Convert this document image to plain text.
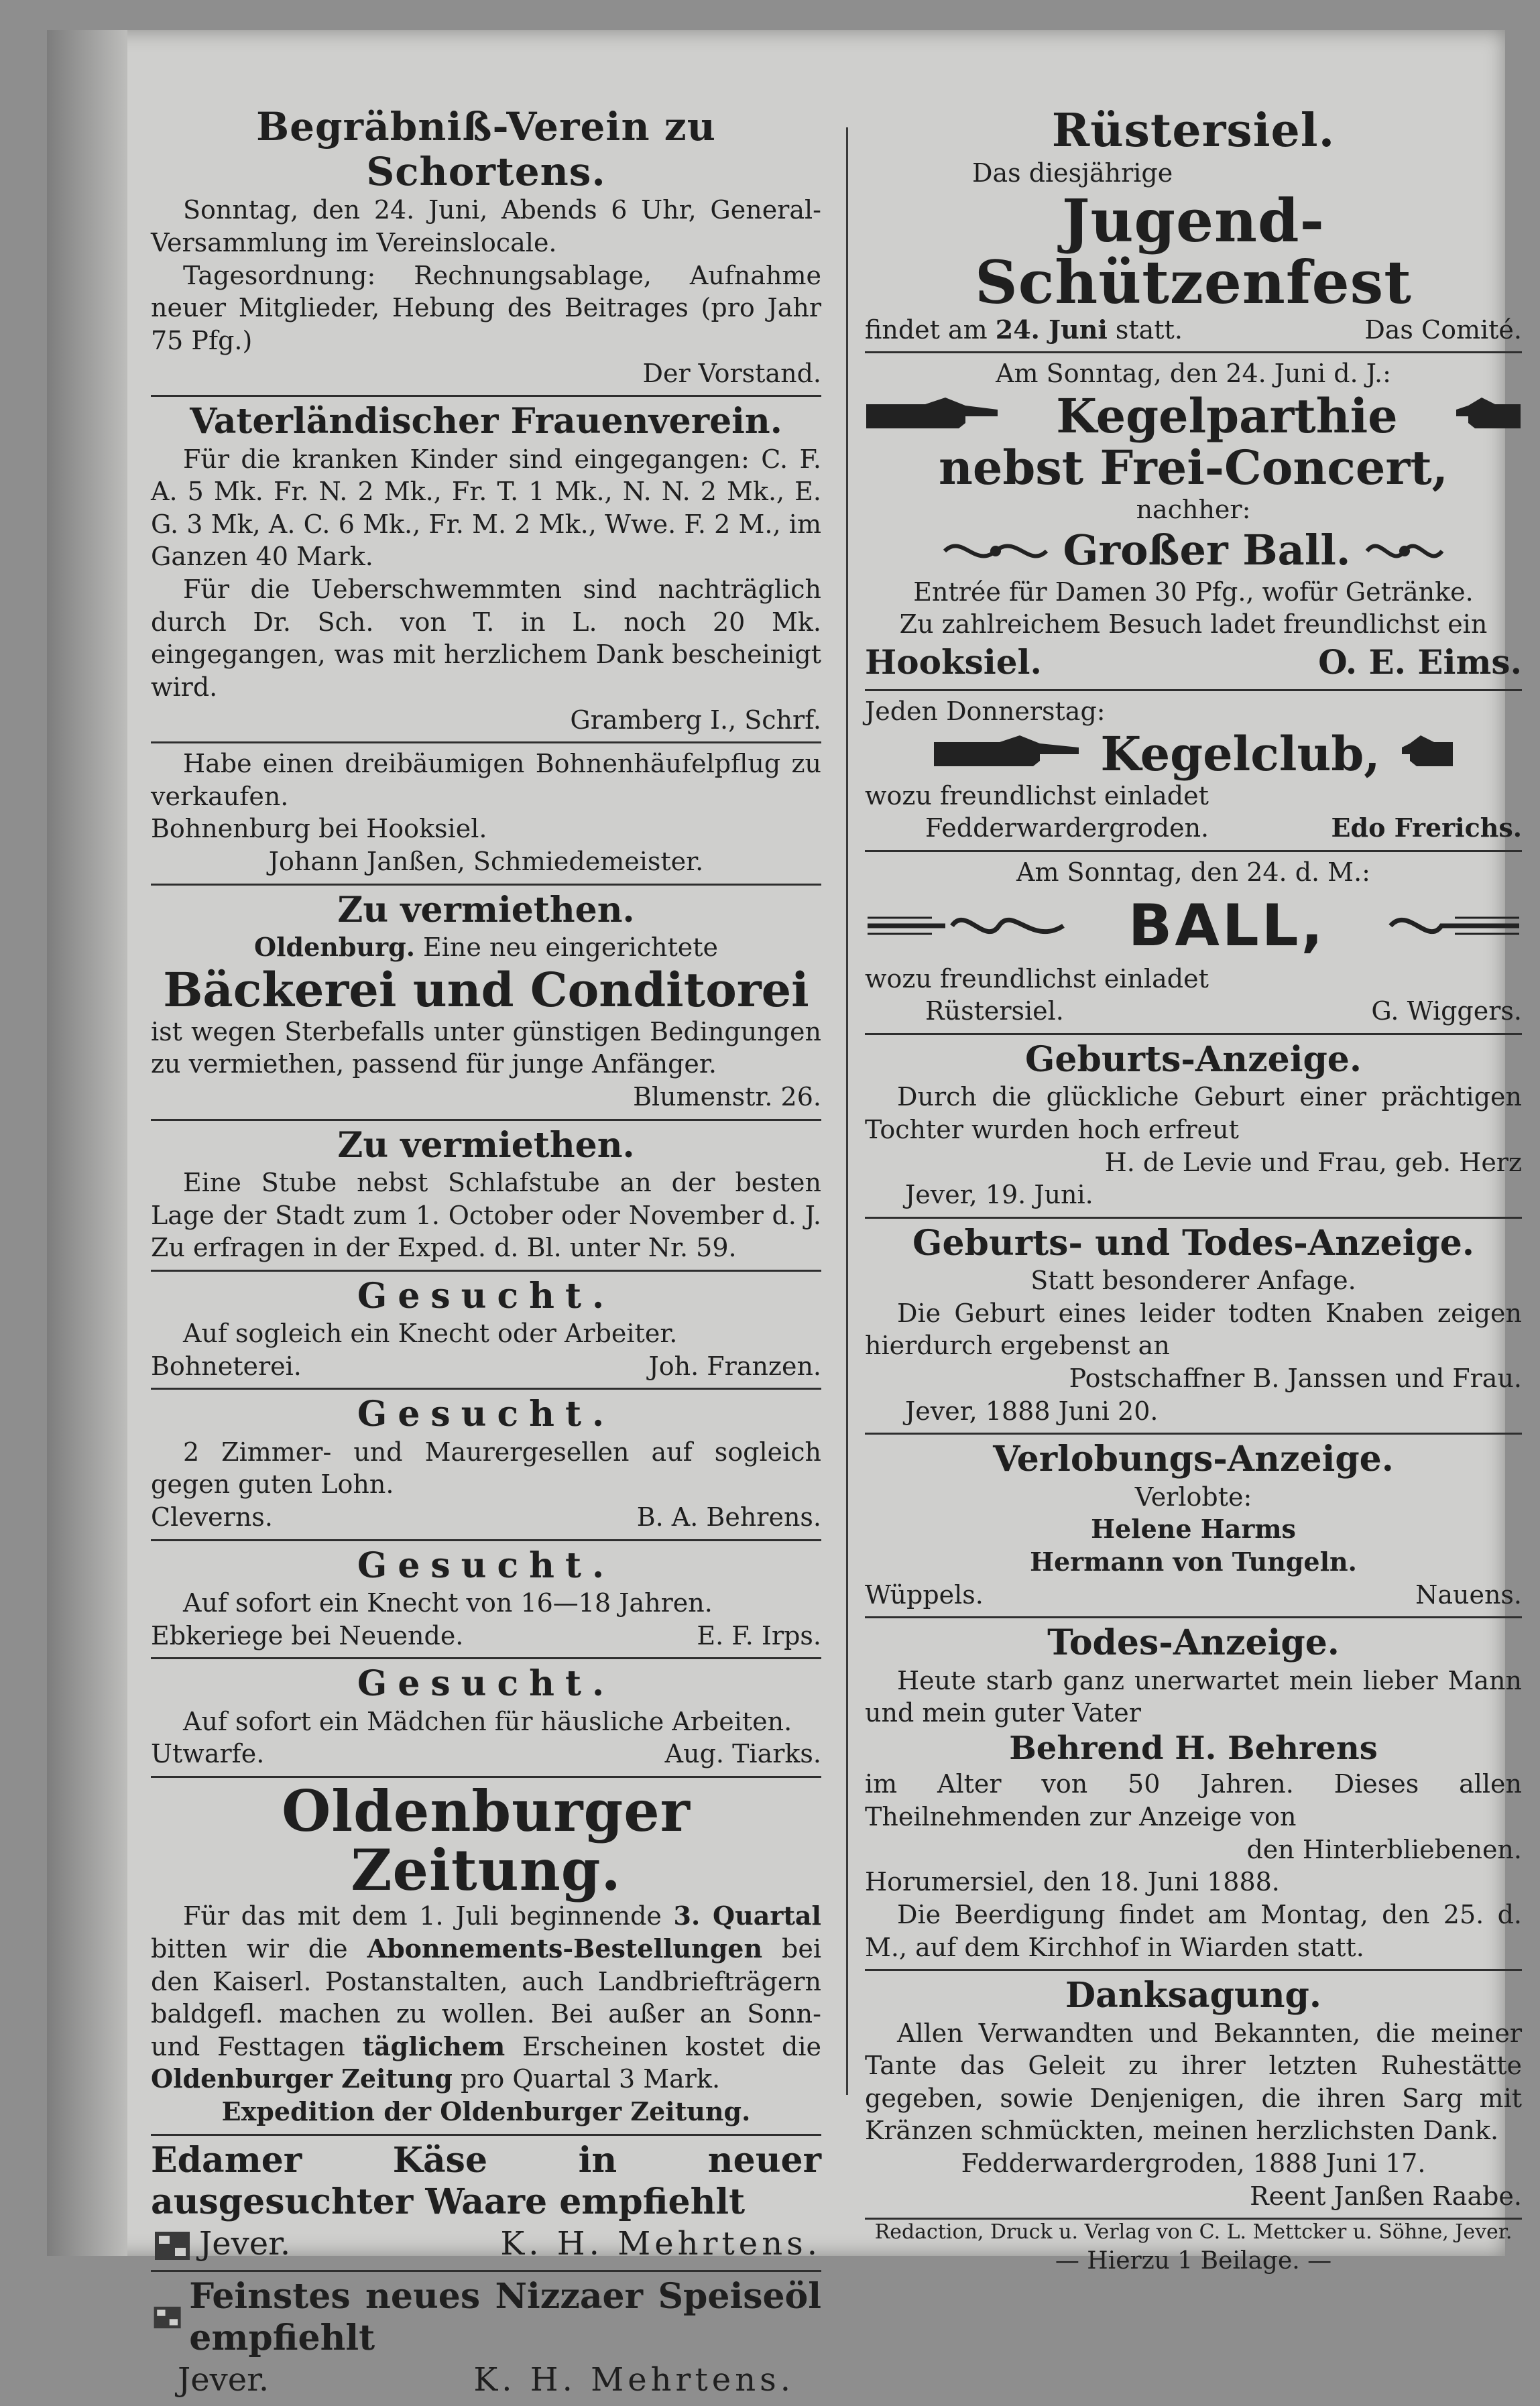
Begräbniß-Verein zu Schortens.

Sonntag, den 24. Juni, Abends 6 Uhr, General-Versammlung im Vereinslocale.

Tagesordnung: Rechnungsablage, Aufnahme neuer Mitglieder, Hebung des Beitrages (pro Jahr 75 Pfg.)

Der Vorstand.
Vaterländischer Frauenverein.

Für die kranken Kinder sind eingegangen: C. F. A. 5 Mk. Fr. N. 2 Mk., Fr. T. 1 Mk., N. N. 2 Mk., E. G. 3 Mk, A. C. 6 Mk., Fr. M. 2 Mk., Wwe. F. 2 M., im Ganzen 40 Mark.

Für die Ueberschwemmten sind nachträglich durch Dr. Sch. von T. in L. noch 20 Mk. eingegangen, was mit herzlichem Dank bescheinigt wird.

Gramberg I., Schrf.

Habe einen dreibäumigen Bohnenhäufelpflug zu verkaufen.

Bohnenburg bei Hooksiel.
Johann Janßen, Schmiedemeister.
Zu vermiethen.
Oldenburg. Eine neu eingerichtete
Bäckerei und Conditorei

ist wegen Sterbefalls unter günstigen Bedingungen zu vermiethen, passend für junge Anfänger.

Blumenstr. 26.
Zu vermiethen.

Eine Stube nebst Schlafstube an der besten Lage der Stadt zum 1. October oder November d. J. Zu erfragen in der Exped. d. Bl. unter Nr. 59.

Gesucht.

Auf sogleich ein Knecht oder Arbeiter.

Bohneterei.	Joh. Franzen.
Gesucht.

2 Zimmer- und Maurergesellen auf sogleich gegen guten Lohn.

Cleverns.	B. A. Behrens.
Gesucht.

Auf sofort ein Knecht von 16—18 Jahren.

Ebkeriege bei Neuende.	E. F. Irps.
Gesucht.

Auf sofort ein Mädchen für häusliche Arbeiten.

Utwarfe.	Aug. Tiarks.
Oldenburger Zeitung.

Für das mit dem 1. Juli beginnende 3. Quartal bitten wir die Abonnements-Bestellungen bei den Kaiserl. Postanstalten, auch Landbriefträgern baldgefl. machen zu wollen. Bei außer an Sonn- und Festtagen täglichem Erscheinen kostet die Oldenburger Zeitung pro Quartal 3 Mark.

Expedition der Oldenburger Zeitung.
Edamer Käse in neuer ausgesuchter Waare empfiehlt
Jever.	K. H. Mehrtens.
Feinstes neues Nizzaer Speiseöl empfiehlt
Jever.	K. H. Mehrtens.
Rüstersiel.
Das diesjährige
Jugend-Schützenfest
findet am 24. Juni statt.	Das Comité.
Am Sonntag, den 24. Juni d. J.:
Kegelparthie
nebst Frei-Concert,
nachher:
Großer Ball.
Entrée für Damen 30 Pfg., wofür Getränke.
Zu zahlreichem Besuch ladet freundlichst ein
Hooksiel.	O. E. Eims.
Jeden Donnerstag:
Kegelclub,
wozu freundlichst einladet
Fedderwardergroden.	Edo Frerichs.
Am Sonntag, den 24. d. M.:
BALL,
wozu freundlichst einladet
Rüstersiel.	G. Wiggers.
Geburts-Anzeige.

Durch die glückliche Geburt einer prächtigen Tochter wurden hoch erfreut

H. de Levie und Frau, geb. Herz
Jever, 19. Juni.
Geburts- und Todes-Anzeige.
Statt besonderer Anfage.

Die Geburt eines leider todten Knaben zeigen hierdurch ergebenst an

Postschaffner B. Janssen und Frau.
Jever, 1888 Juni 20.
Verlobungs-Anzeige.
Verlobte:
Helene Harms
Hermann von Tungeln.
Wüppels.	Nauens.
Todes-Anzeige.

Heute starb ganz unerwartet mein lieber Mann und mein guter Vater

Behrend H. Behrens

im Alter von 50 Jahren. Dieses allen Theilnehmenden zur Anzeige von

den Hinterbliebenen.
Horumersiel, den 18. Juni 1888.

Die Beerdigung findet am Montag, den 25. d. M., auf dem Kirchhof in Wiarden statt.

Danksagung.

Allen Verwandten und Bekannten, die meiner Tante das Geleit zu ihrer letzten Ruhestätte gegeben, sowie Denjenigen, die ihren Sarg mit Kränzen schmückten, meinen herzlichsten Dank.

Fedderwardergroden, 1888 Juni 17.
Reent Janßen Raabe.
Redaction, Druck u. Verlag von C. L. Mettcker u. Söhne, Jever.
— Hierzu 1 Beilage. —
